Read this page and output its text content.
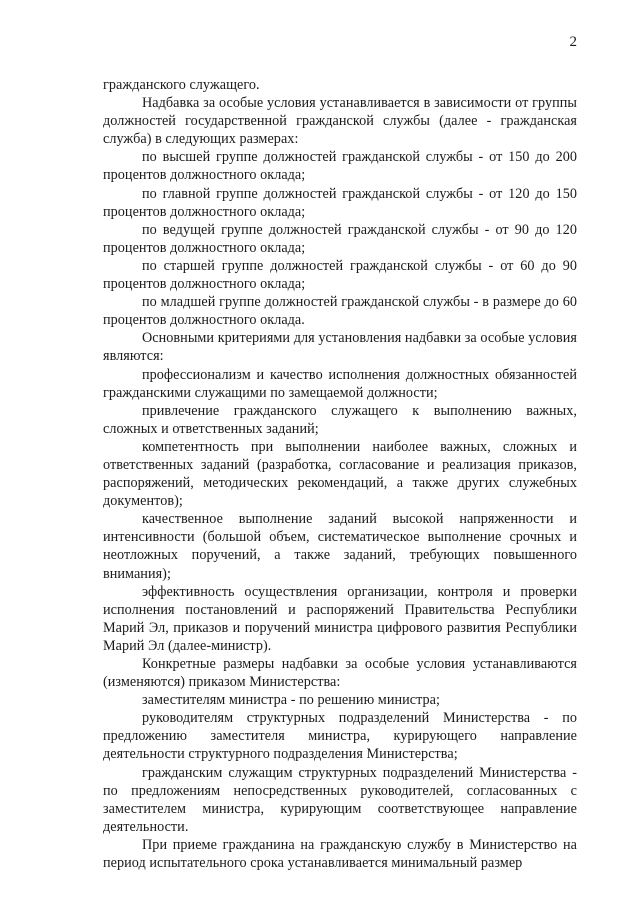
2

гражданского служащего.

Надбавка за особые условия устанавливается в зависимости от группы должностей государственной гражданской службы (далее - гражданская служба) в следующих размерах:

по высшей группе должностей гражданской службы - от 150 до 200 процентов должностного оклада;

по главной группе должностей гражданской службы - от 120 до 150 процентов должностного оклада;

по ведущей группе должностей гражданской службы - от 90 до 120 процентов должностного оклада;

по старшей группе должностей гражданской службы - от 60 до 90 процентов должностного оклада;

по младшей группе должностей гражданской службы - в размере до 60 процентов должностного оклада.

Основными критериями для установления надбавки за особые условия являются:

профессионализм и качество исполнения должностных обязанностей гражданскими служащими по замещаемой должности;

привлечение гражданского служащего к выполнению важных, сложных и ответственных заданий;

компетентность при выполнении наиболее важных, сложных и ответственных заданий (разработка, согласование и реализация приказов, распоряжений, методических рекомендаций, а также других служебных документов);

качественное выполнение заданий высокой напряженности и интенсивности (большой объем, систематическое выполнение срочных и неотложных поручений, а также заданий, требующих повышенного внимания);

эффективность осуществления организации, контроля и проверки исполнения постановлений и распоряжений Правительства Республики Марий Эл, приказов и поручений министра цифрового развития Республики Марий Эл (далее-министр).

Конкретные размеры надбавки за особые условия устанавливаются (изменяются) приказом Министерства:

заместителям министра - по решению министра;

руководителям структурных подразделений Министерства - по предложению заместителя министра, курирующего направление деятельности структурного подразделения Министерства;

гражданским служащим структурных подразделений Министерства - по предложениям непосредственных руководителей, согласованных с заместителем министра, курирующим соответствующее направление деятельности.

При приеме гражданина на гражданскую службу в Министерство на период испытательного срока устанавливается минимальный размер
